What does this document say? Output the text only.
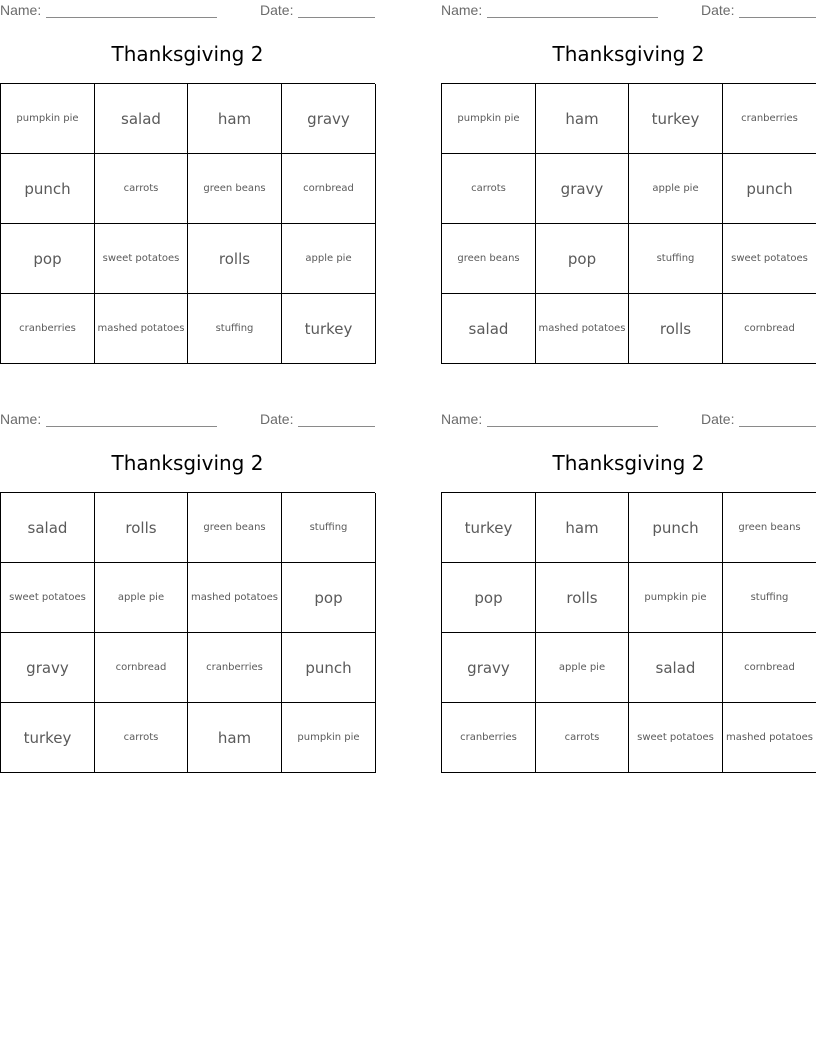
Name:	Date:
Thanksgiving 2
pumpkin pie	salad	ham	gravy
punch	carrots	green beans	cornbread
pop	sweet potatoes	rolls	apple pie
cranberries	mashed potatoes	stuffing	turkey
Name:	Date:
Thanksgiving 2
pumpkin pie	ham	turkey	cranberries
carrots	gravy	apple pie	punch
green beans	pop	stuffing	sweet potatoes
salad	mashed potatoes	rolls	cornbread
Name:	Date:
Thanksgiving 2
salad	rolls	green beans	stuffing
sweet potatoes	apple pie	mashed potatoes	pop
gravy	cornbread	cranberries	punch
turkey	carrots	ham	pumpkin pie
Name:	Date:
Thanksgiving 2
turkey	ham	punch	green beans
pop	rolls	pumpkin pie	stuffing
gravy	apple pie	salad	cornbread
cranberries	carrots	sweet potatoes	mashed potatoes
